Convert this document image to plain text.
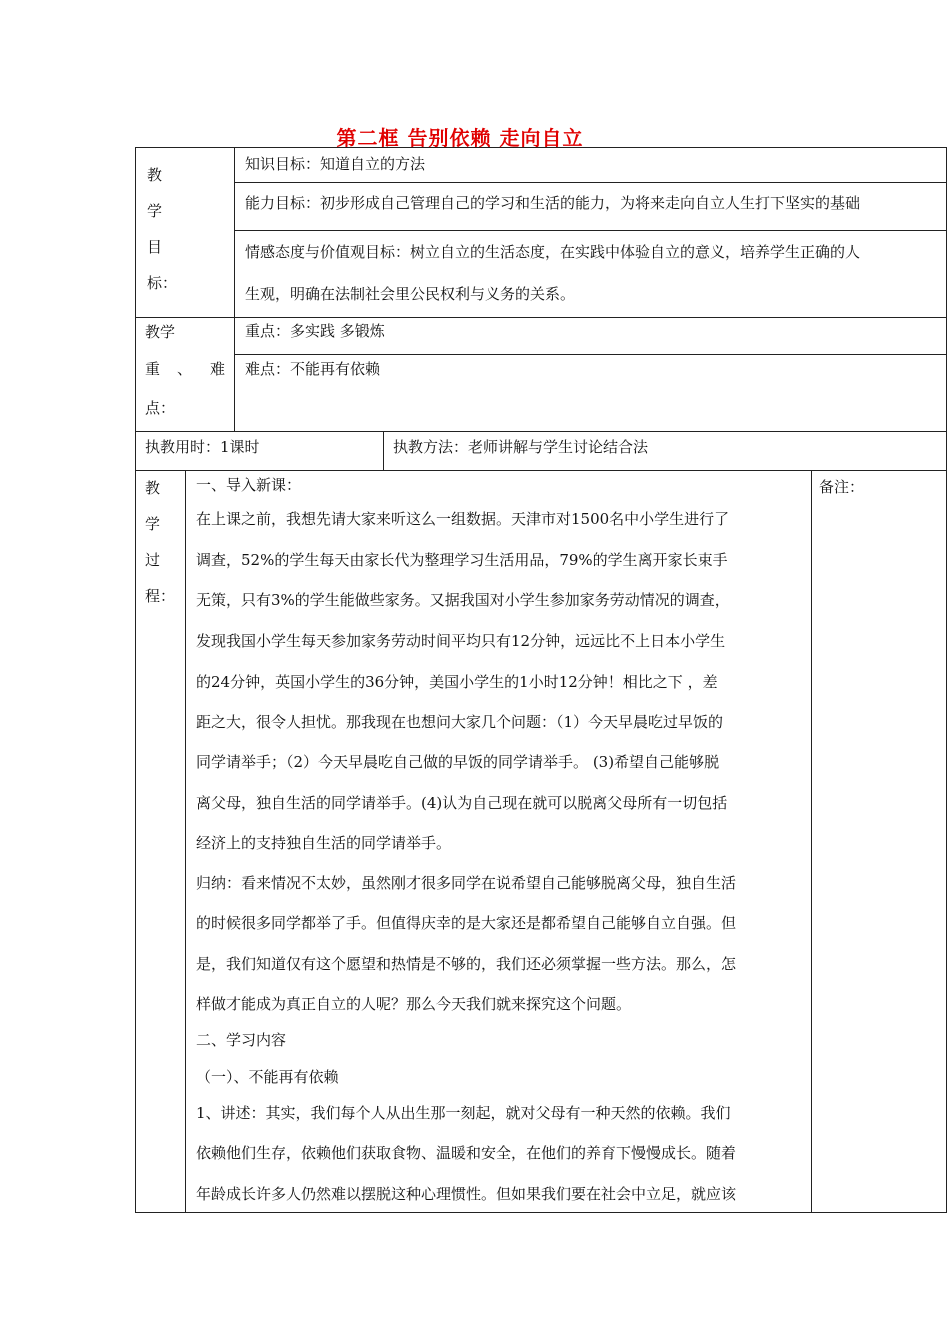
第二框 告别依赖 走向自立
教
学
目
标：
知识目标：知道自立的方法
能力目标：初步形成自己管理自己的学习和生活的能力，为将来走向自立人生打下坚实的基础
情感态度与价值观目标：树立自立的生活态度，在实践中体验自立的意义，培养学生正确的人
生观，明确在法制社会里公民权利与义务的关系。
教学
重 、 难
点：
重点：多实践 多锻炼
难点：不能再有依赖
执教用时：1课时	执教方法：老师讲解与学生讨论结合法
教
学
过
程：
备注：
一、导入新课：
在上课之前，我想先请大家来听这么一组数据。天津市对1500名中小学生进行了
调查，52%的学生每天由家长代为整理学习生活用品，79%的学生离开家长束手
无策，只有3%的学生能做些家务。又据我国对小学生参加家务劳动情况的调查，
发现我国小学生每天参加家务劳动时间平均只有12分钟，远远比不上日本小学生
的24分钟，英国小学生的36分钟，美国小学生的1小时12分钟！相比之下 ，差
距之大，很令人担忧。那我现在也想问大家几个问题：（1）今天早晨吃过早饭的
同学请举手；（2）今天早晨吃自己做的早饭的同学请举手。 (3)希望自己能够脱
离父母，独自生活的同学请举手。(4)认为自己现在就可以脱离父母所有一切包括
经济上的支持独自生活的同学请举手。
归纳：看来情况不太妙，虽然刚才很多同学在说希望自己能够脱离父母，独自生活
的时候很多同学都举了手。但值得庆幸的是大家还是都希望自己能够自立自强。但
是，我们知道仅有这个愿望和热情是不够的，我们还必须掌握一些方法。那么，怎
样做才能成为真正自立的人呢？那么今天我们就来探究这个问题。
二、学习内容
（一）、不能再有依赖
1、讲述：其实，我们每个人从出生那一刻起，就对父母有一种天然的依赖。我们
依赖他们生存，依赖他们获取食物、温暖和安全，在他们的养育下慢慢成长。随着
年龄成长许多人仍然难以摆脱这种心理惯性。但如果我们要在社会中立足，就应该
